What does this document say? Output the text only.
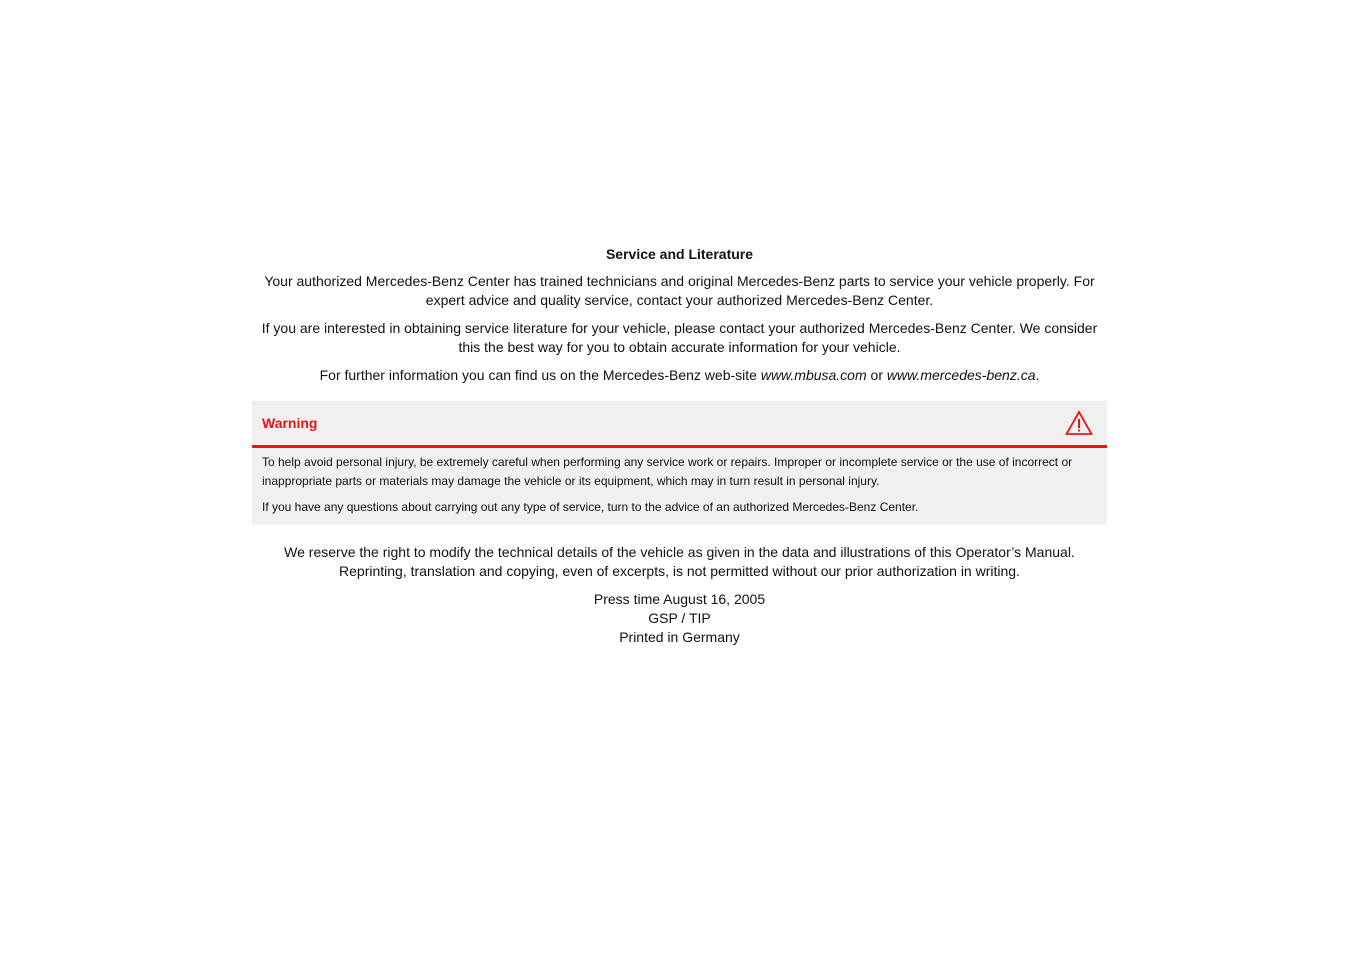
Service and Literature

Your authorized Mercedes-Benz Center has trained technicians and original Mercedes-Benz parts to service your vehicle properly. For expert advice and quality service, contact your authorized Mercedes-Benz Center.

If you are interested in obtaining service literature for your vehicle, please contact your authorized Mercedes-Benz Center. We consider this the best way for you to obtain accurate information for your vehicle.

For further information you can find us on the Mercedes-Benz web-site www.mbusa.com or www.mercedes-benz.ca.

Warning

To help avoid personal injury, be extremely careful when performing any service work or repairs. Improper or incomplete service or the use of incorrect or inappropriate parts or materials may damage the vehicle or its equipment, which may in turn result in personal injury.

If you have any questions about carrying out any type of service, turn to the advice of an authorized Mercedes-Benz Center.

We reserve the right to modify the technical details of the vehicle as given in the data and illustrations of this Operator’s Manual. Reprinting, translation and copying, even of excerpts, is not permitted without our prior authorization in writing.

Press time August 16, 2005
GSP / TIP
Printed in Germany
